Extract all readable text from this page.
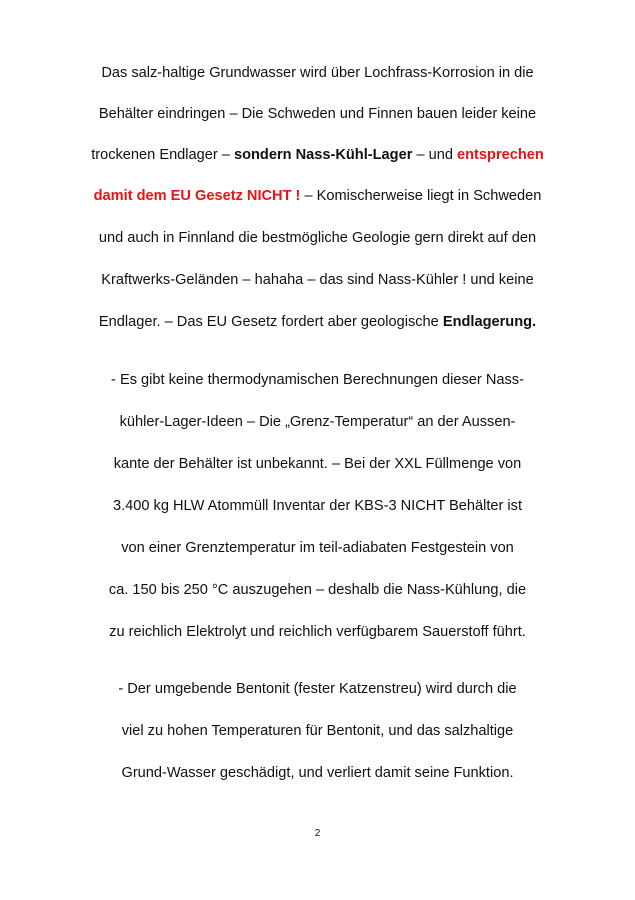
Das salz-haltige Grundwasser wird über Lochfrass-Korrosion in die
Behälter eindringen – Die Schweden und Finnen bauen leider keine
trockenen Endlager – sondern Nass-Kühl-Lager – und entsprechen
damit dem EU Gesetz NICHT ! – Komischerweise liegt in Schweden
und auch in Finnland die bestmögliche Geologie gern direkt auf den
Kraftwerks-Geländen – hahaha – das sind Nass-Kühler ! und keine
Endlager. – Das EU Gesetz fordert aber geologische Endlagerung.
- Es gibt keine thermodynamischen Berechnungen dieser Nass-
kühler-Lager-Ideen – Die „Grenz-Temperatur“ an der Aussen-
kante der Behälter ist unbekannt. – Bei der XXL Füllmenge von
3.400 kg HLW Atommüll Inventar der KBS-3 NICHT Behälter ist
von einer Grenztemperatur im teil-adiabaten Festgestein von
ca. 150 bis 250 °C auszugehen – deshalb die Nass-Kühlung, die
zu reichlich Elektrolyt und reichlich verfügbarem Sauerstoff führt.
- Der umgebende Bentonit (fester Katzenstreu) wird durch die
viel zu hohen Temperaturen für Bentonit, und das salzhaltige
Grund-Wasser geschädigt, und verliert damit seine Funktion.
2
